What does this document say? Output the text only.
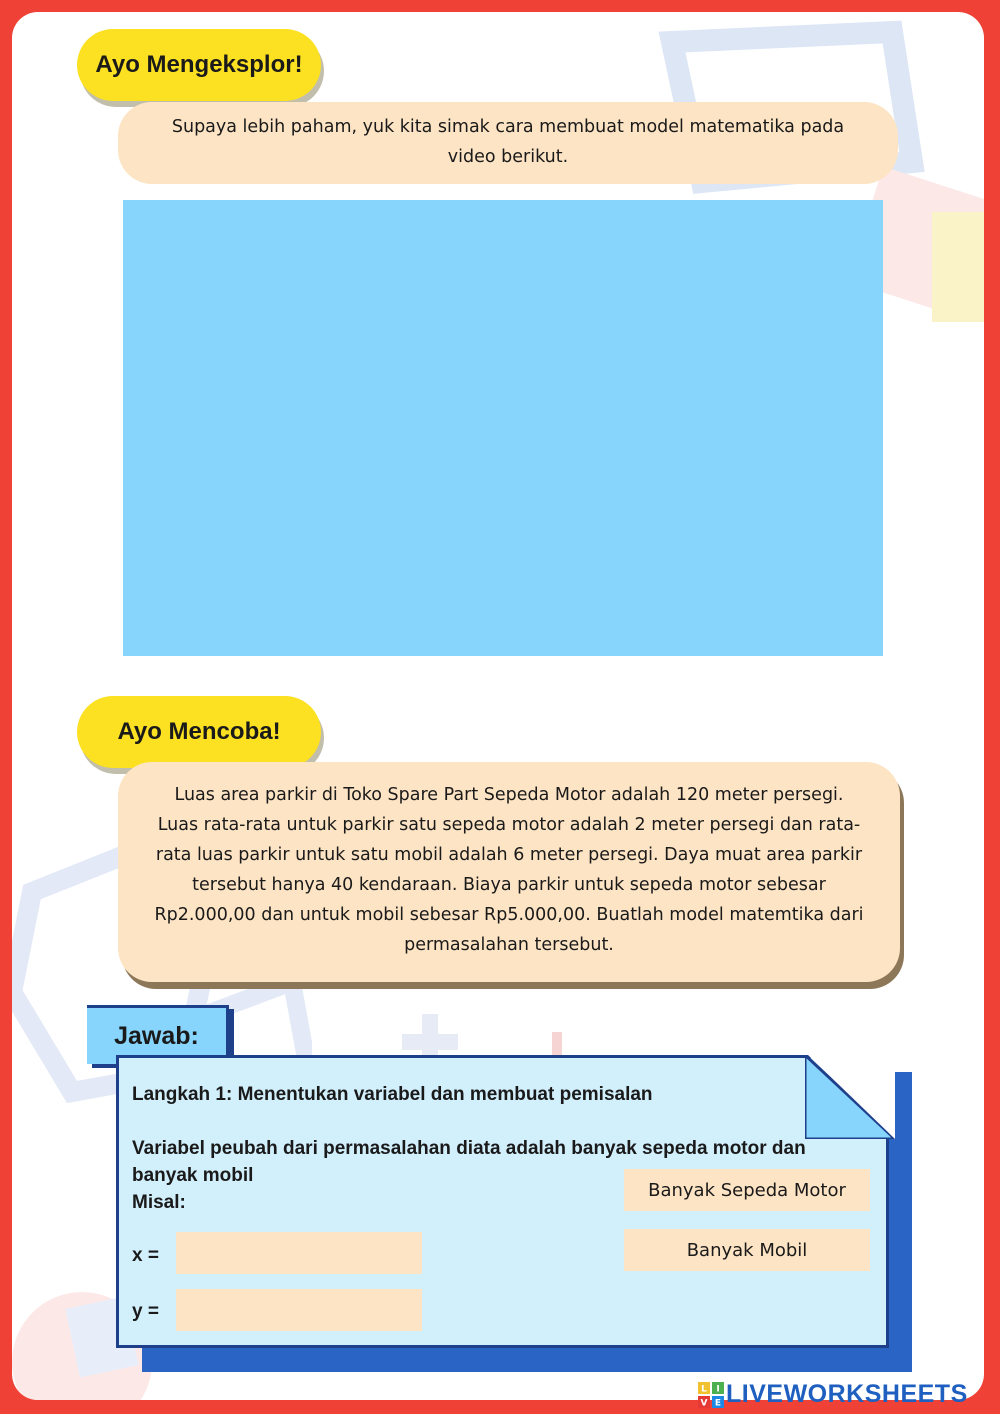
Ayo Mengeksplor!
Supaya lebih paham, yuk kita simak cara membuat model matematika pada
video berikut.
Ayo Mencoba!
Luas area parkir di Toko Spare Part Sepeda Motor adalah 120 meter persegi.
Luas rata-rata untuk parkir satu sepeda motor adalah 2 meter persegi dan rata-
rata luas parkir untuk satu mobil adalah 6 meter persegi. Daya muat area parkir
tersebut hanya 40 kendaraan. Biaya parkir untuk sepeda motor sebesar
Rp2.000,00 dan untuk mobil sebesar Rp5.000,00. Buatlah model matemtika dari
permasalahan tersebut.
Jawab:
Langkah 1: Menentukan variabel dan membuat pemisalan
Variabel peubah dari permasalahan diata adalah banyak sepeda motor dan
banyak mobil
Misal:
x =
y =
Banyak Sepeda Motor
Banyak Mobil
L I
V E LIVEWORKSHEETS
